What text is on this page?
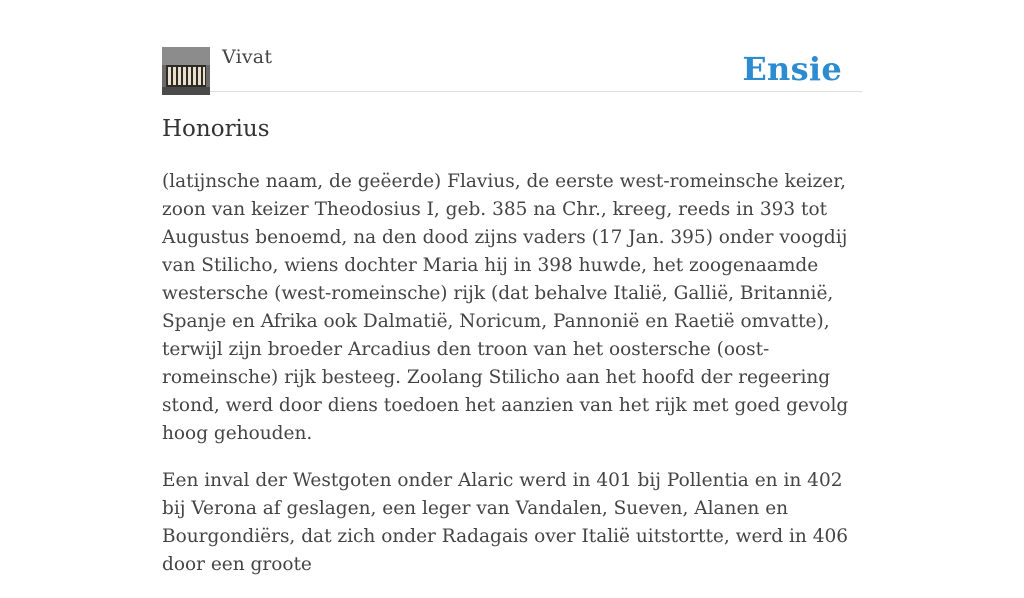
Vivat	Ensie
Honorius

(latijnsche naam, de geëerde) Flavius, de eerste west-romeinsche keizer, zoon van keizer Theodosius I, geb. 385 na Chr., kreeg, reeds in 393 tot Augustus benoemd, na den dood zijns vaders (17 Jan. 395) onder voogdij van Stilicho, wiens dochter Maria hij in 398 huwde, het zoogenaamde westersche (west-romeinsche) rijk (dat behalve Italië, Gallië, Britannië, Spanje en Afrika ook Dalmatië, Noricum, Pannonië en Raetië omvatte), terwijl zijn broeder Arcadius den troon van het oostersche (oost-romeinsche) rijk besteeg. Zoolang Stilicho aan het hoofd der regeering stond, werd door diens toedoen het aanzien van het rijk met goed gevolg hoog gehouden.

Een inval der Westgoten onder Alaric werd in 401 bij Pollentia en in 402 bij Verona af geslagen, een leger van Vandalen, Sueven, Alanen en Bourgondiërs, dat zich onder Radagais over Italië uitstortte, werd in 406 door een groote
